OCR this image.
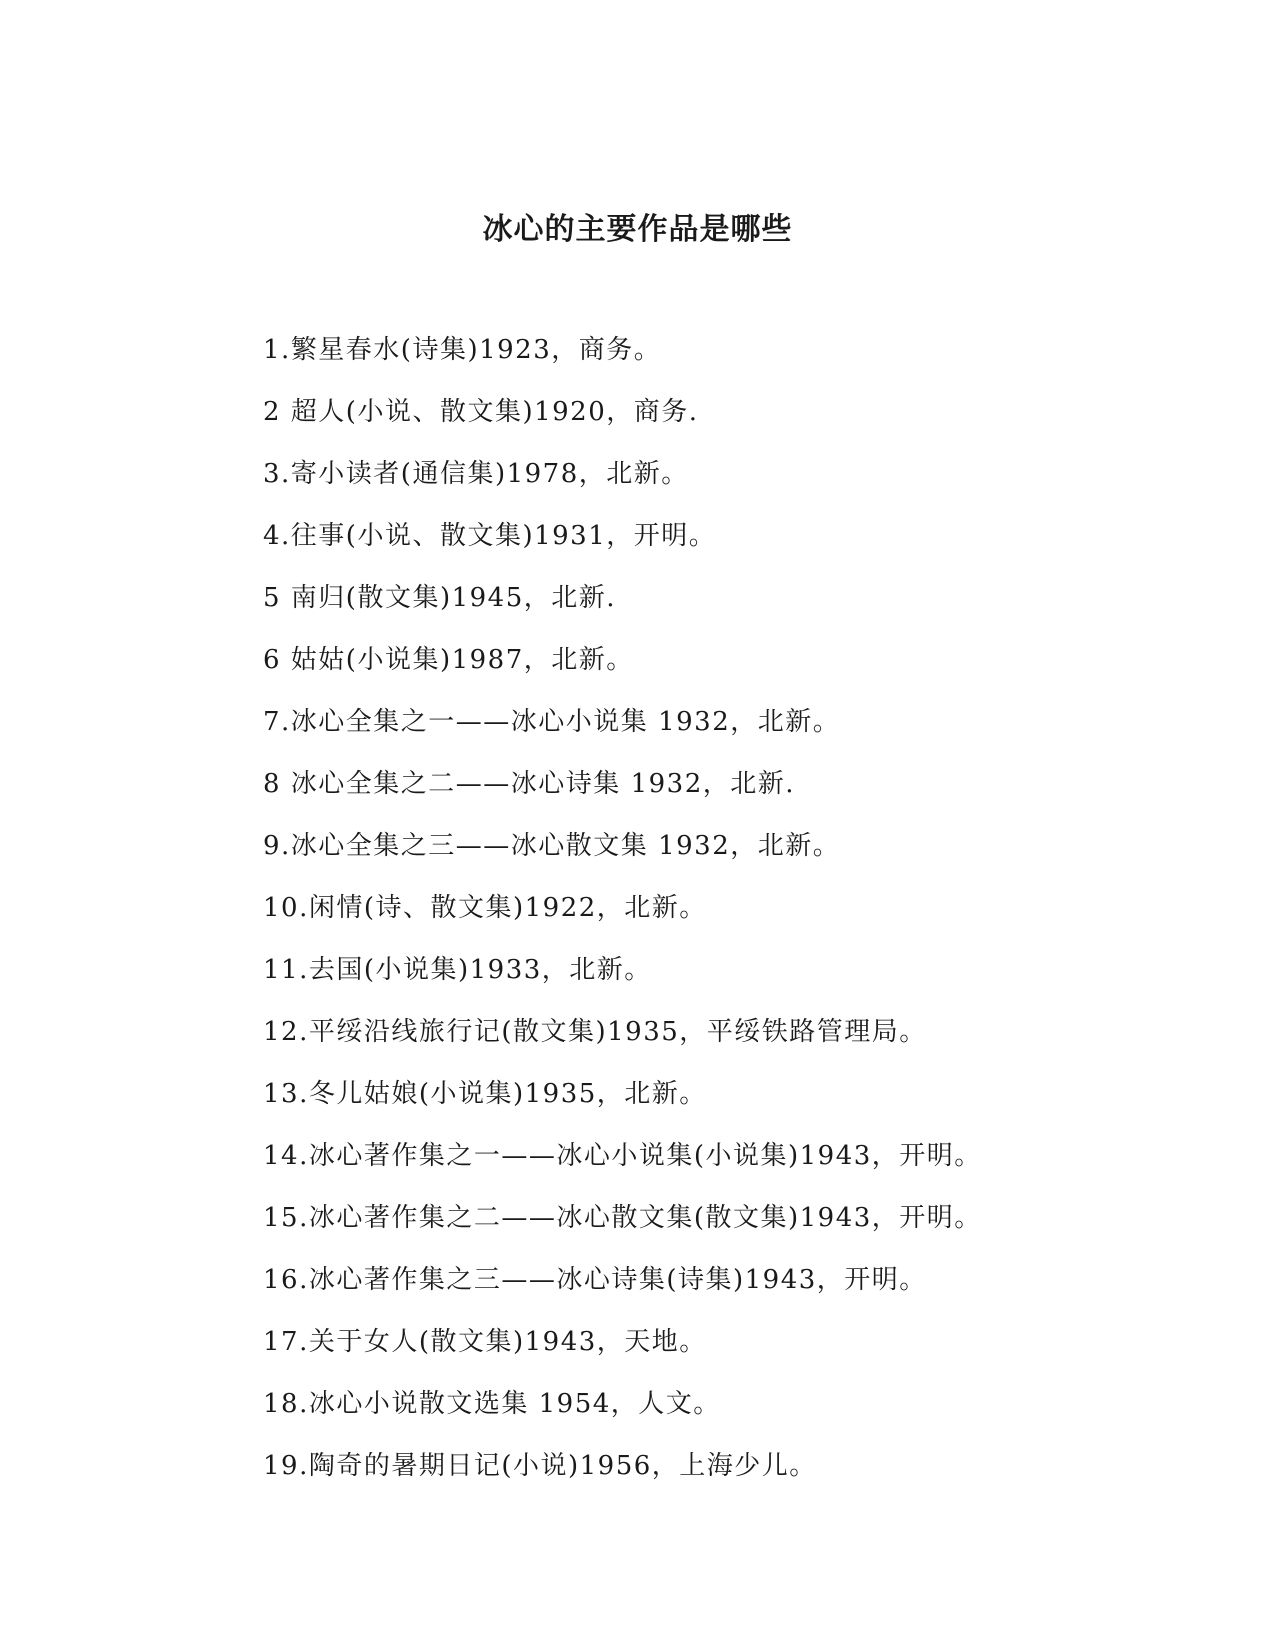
冰心的主要作品是哪些
1.繁星春水(诗集)1923，商务。
2 超人(小说、散文集)1920，商务.
3.寄小读者(通信集)1978，北新。
4.往事(小说、散文集)1931，开明。
5 南归(散文集)1945，北新.
6 姑姑(小说集)1987，北新。
7.冰心全集之一——冰心小说集 1932，北新。
8 冰心全集之二——冰心诗集 1932，北新.
9.冰心全集之三——冰心散文集 1932，北新。
10.闲情(诗、散文集)1922，北新。
11.去国(小说集)1933，北新。
12.平绥沿线旅行记(散文集)1935，平绥铁路管理局。
13.冬儿姑娘(小说集)1935，北新。
14.冰心著作集之一——冰心小说集(小说集)1943，开明。
15.冰心著作集之二——冰心散文集(散文集)1943，开明。
16.冰心著作集之三——冰心诗集(诗集)1943，开明。
17.关于女人(散文集)1943，天地。
18.冰心小说散文选集 1954，人文。
19.陶奇的暑期日记(小说)1956，上海少儿。
